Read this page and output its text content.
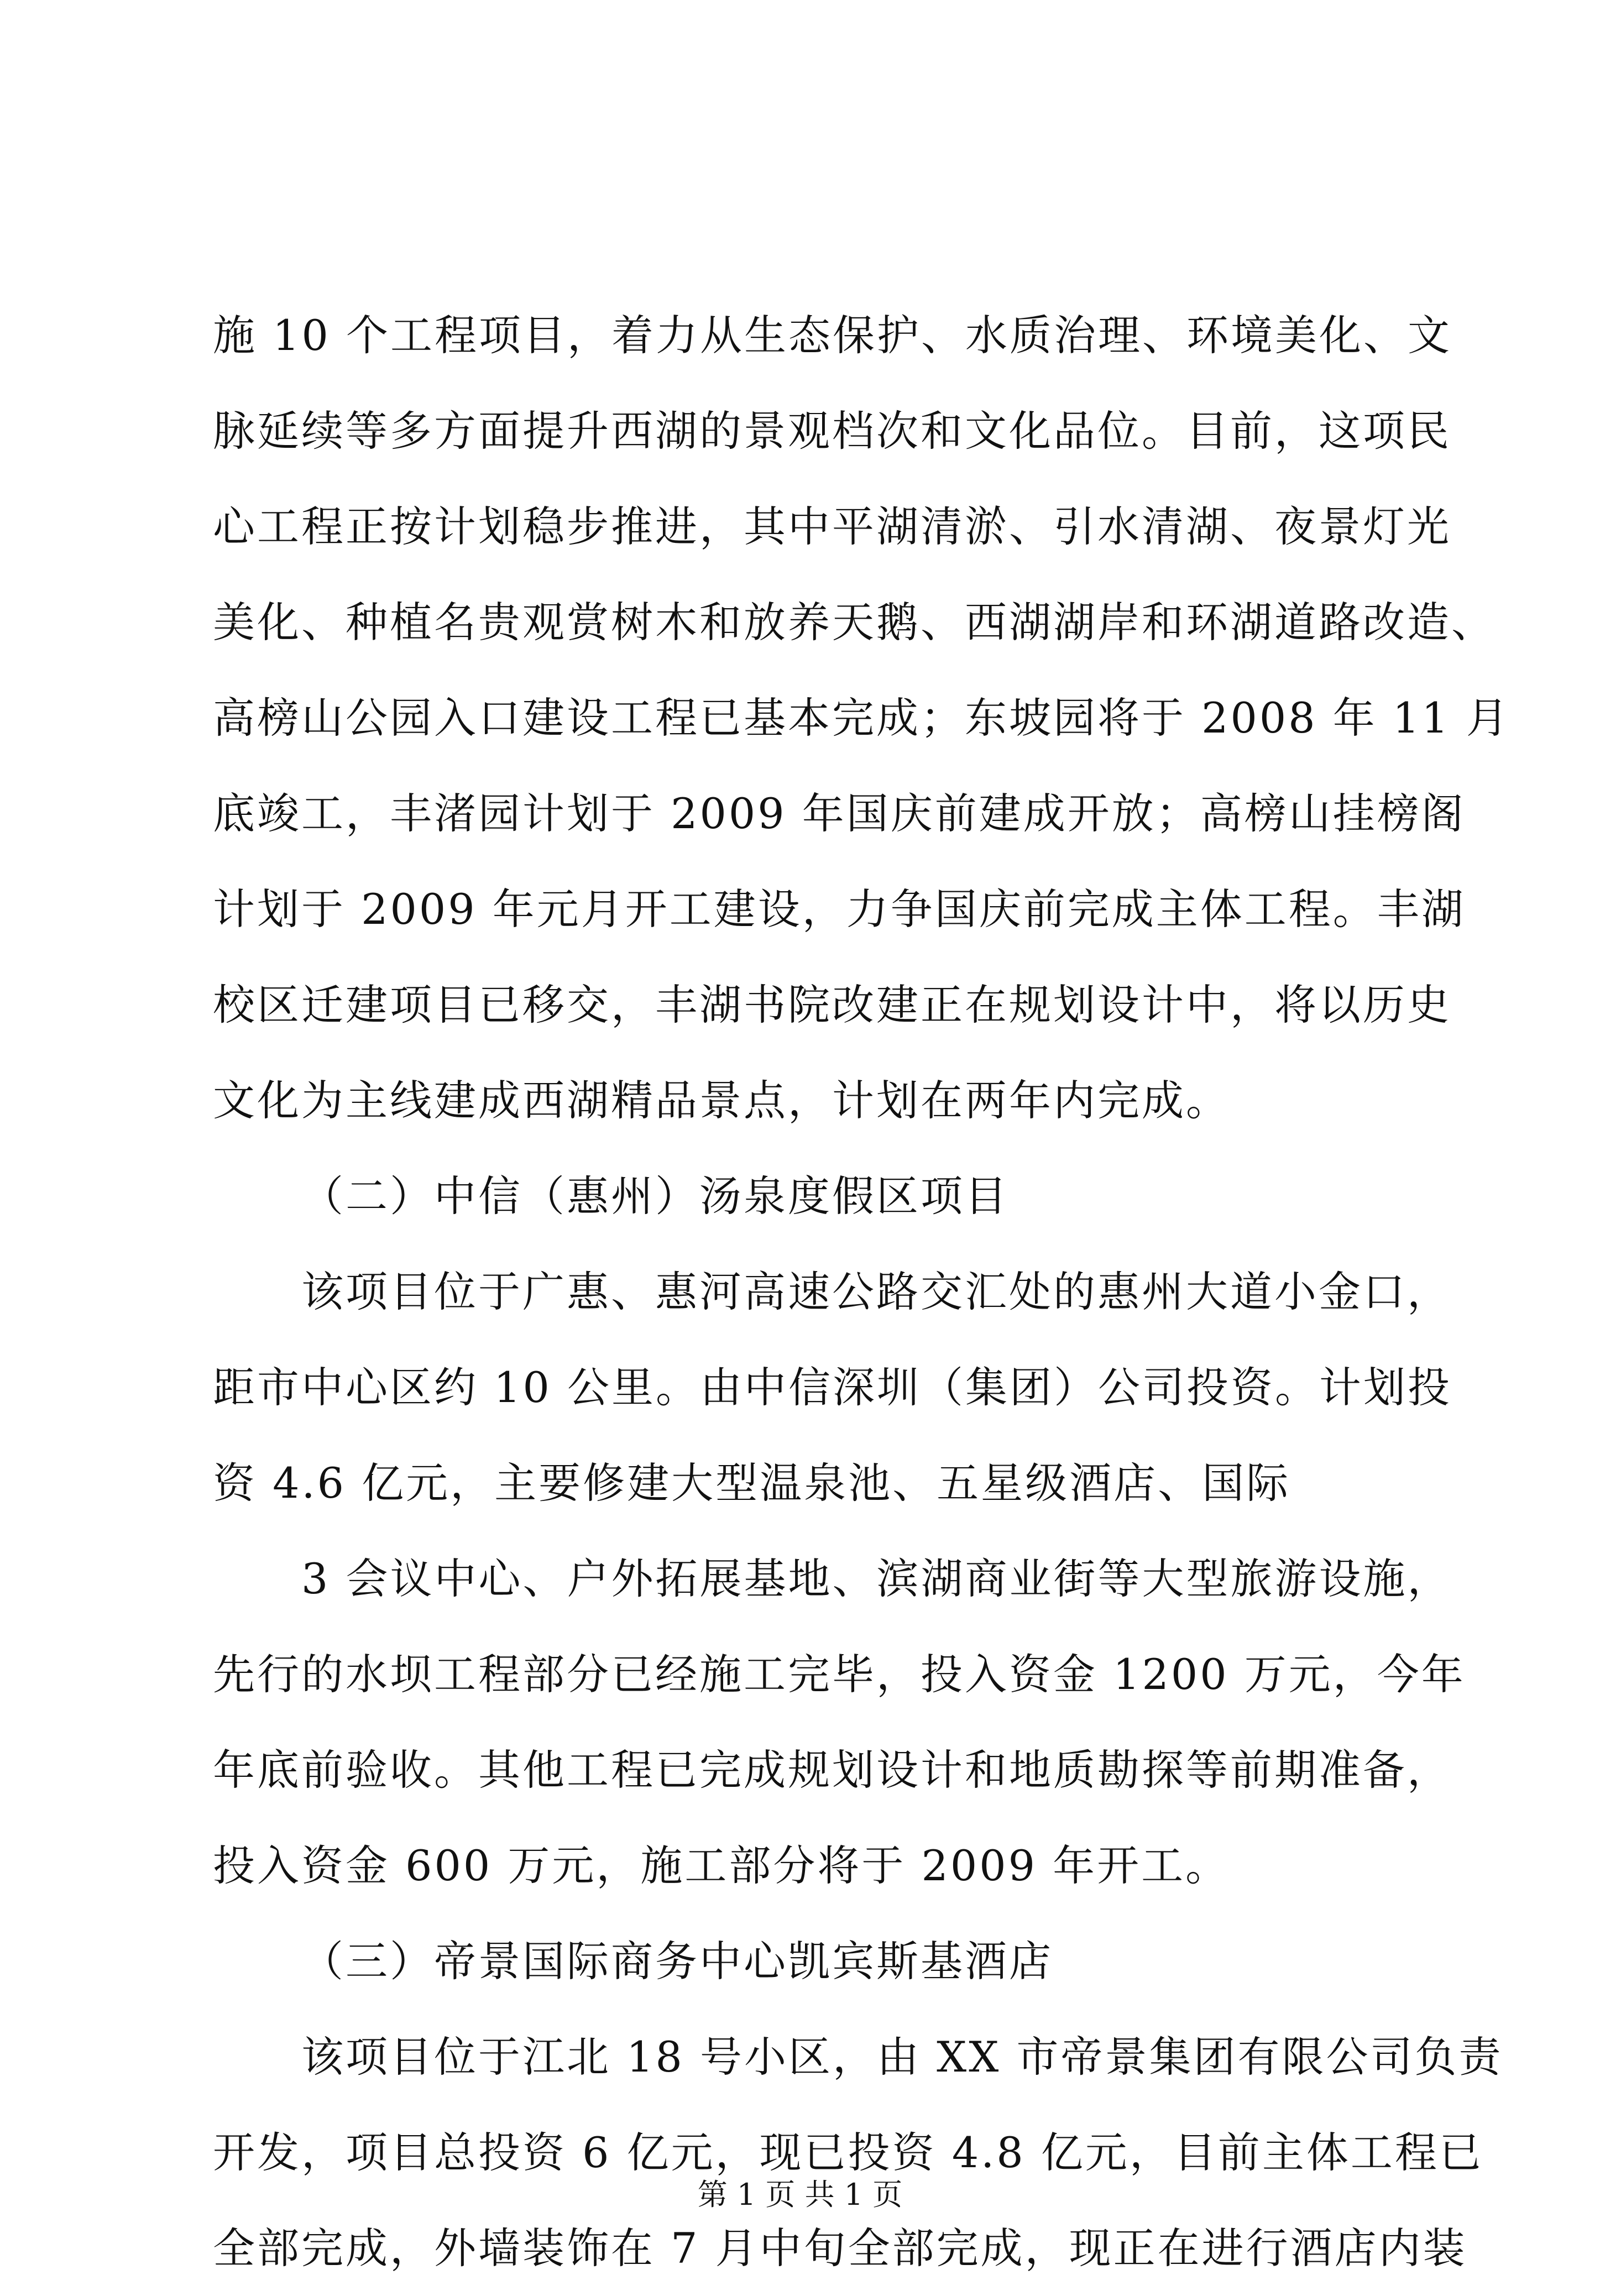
施 10 个工程项目，着力从生态保护、水质治理、环境美化、文
脉延续等多方面提升西湖的景观档次和文化品位。目前，这项民
心工程正按计划稳步推进，其中平湖清淤、引水清湖、夜景灯光
美化、种植名贵观赏树木和放养天鹅、西湖湖岸和环湖道路改造、
高榜山公园入口建设工程已基本完成；东坡园将于 2008 年 11 月
底竣工，丰渚园计划于 2009 年国庆前建成开放；高榜山挂榜阁
计划于 2009 年元月开工建设，力争国庆前完成主体工程。丰湖
校区迁建项目已移交，丰湖书院改建正在规划设计中，将以历史
文化为主线建成西湖精品景点，计划在两年内完成。
（二）中信（惠州）汤泉度假区项目
该项目位于广惠、惠河高速公路交汇处的惠州大道小金口，
距市中心区约 10 公里。由中信深圳（集团）公司投资。计划投
资 4.6 亿元，主要修建大型温泉池、五星级酒店、国际
3 会议中心、户外拓展基地、滨湖商业街等大型旅游设施，
先行的水坝工程部分已经施工完毕，投入资金 1200 万元，今年
年底前验收。其他工程已完成规划设计和地质勘探等前期准备，
投入资金 600 万元，施工部分将于 2009 年开工。
（三）帝景国际商务中心凯宾斯基酒店
该项目位于江北 18 号小区，由 XX 市帝景集团有限公司负责
开发，项目总投资 6 亿元，现已投资 4.8 亿元，目前主体工程已
全部完成，外墙装饰在 7 月中旬全部完成，现正在进行酒店内装
第 1 页 共 1 页
